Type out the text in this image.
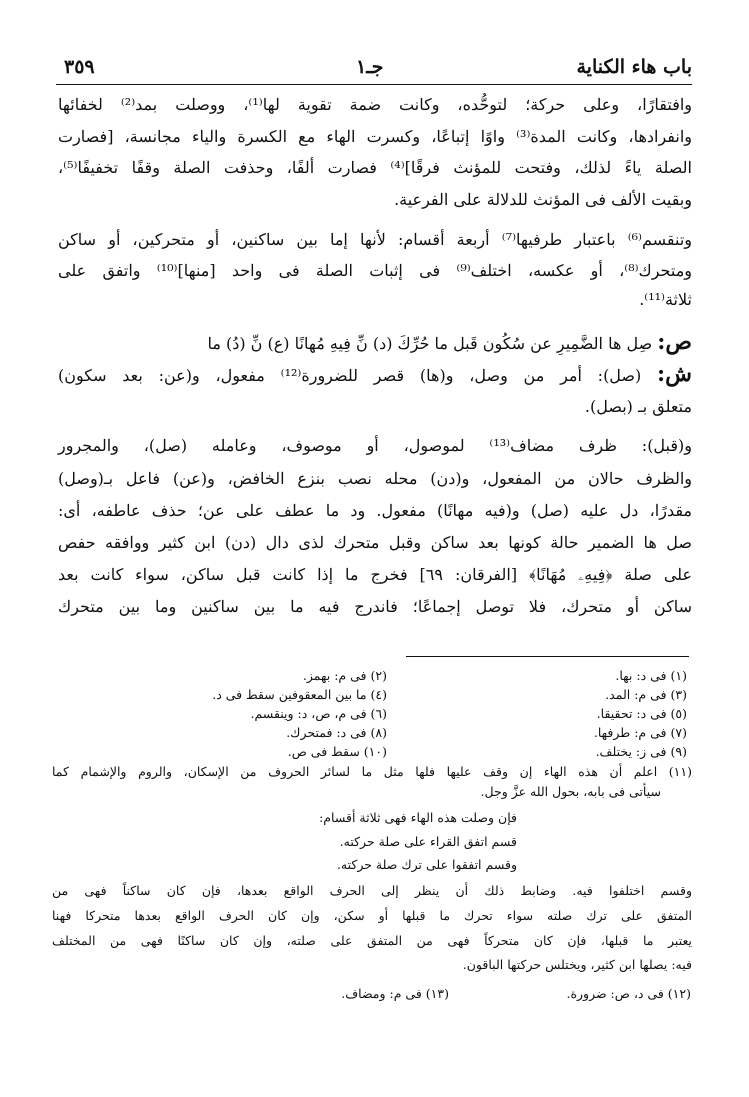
باب هاء الكناية
جـ١
٣٥٩
وافتقارًا، وعلى حركة؛ لتوحُّده، وكانت ضمة تقوية لها⁽¹⁾، ووصلت بمد⁽²⁾ لخفائها
وانفرادها، وكانت المدة⁽³⁾ واوًا إتباعًا، وكسرت الهاء مع الكسرة والياء مجانسة، [فصارت
الصلة ياءً لذلك، وفتحت للمؤنث فرقًا]⁽⁴⁾ فصارت ألفًا، وحذفت الصلة وقفًا تخفيفًا⁽⁵⁾،
وبقيت الألف فى المؤنث للدلالة على الفرعية.
وتنقسم⁽⁶⁾ باعتبار طرفيها⁽⁷⁾ أربعة أقسام: لأنها إما بين ساكنين، أو متحركين، أو ساكن
ومتحرك⁽⁸⁾، أو عكسه، اختلف⁽⁹⁾ فى إثبات الصلة فى واحد [منها]⁽¹⁰⁾ واتفق على
ثلاثة⁽¹¹⁾.
ص: صِل ها الضَّمِيرِ عن سُكُون قَبل ما حُرِّكَ (د) نِّ فِيهِ مُهانًا (ع) نِّ (دُ) ما
ش: (صل): أمر من وصل، و(ها) قصر للضرورة⁽¹²⁾ مفعول، و(عن: بعد سكون)
متعلق بـ (بصل).
و(قبل): ظرف مضاف⁽¹³⁾ لموصول، أو موصوف، وعامله (صل)، والمجرور
والظرف حالان من المفعول، و(دن) محله نصب بنزع الخافض، و(عن) فاعل بـ(وصل)
مقدرًا، دل عليه (صل) و(فيه مهانًا) مفعول. ود ما عطف على عن؛ حذف عاطفه، أى:
صل ها الضمير حالة كونها بعد ساكن وقبل متحرك لذى دال (دن) ابن كثير ووافقه حفص
على صلة ﴿فِيهِۦ مُهَانًا﴾ [الفرقان: ٦٩] فخرج ما إذا كانت قبل ساكن، سواء كانت بعد
ساكن أو متحرك، فلا توصل إجماعًا؛ فاندرج فيه ما بين ساكنين وما بين متحرك
(١) فى د: بها.
(٢) فى م: بهمز.
(٣) فى م: المد.
(٤) ما بين المعقوفين سقط فى د.
(٥) فى د: تحقيقا.
(٦) فى م، ص، د: وينقسم.
(٧) فى م: طرفها.
(٨) فى د: فمتحرك.
(٩) فى ز: يختلف.
(١٠) سقط فى ص.
(١١) اعلم أن هذه الهاء إن وقف عليها فلها مثل ما لسائر الحروف من الإسكان، والروم والإشمام كما
سيأتى فى بابه، بحول الله عزَّ وجل.
فإن وصلت هذه الهاء فهى ثلاثة أقسام:
قسم اتفق القراء على صلة حركته.
وقسم اتفقوا على ترك صلة حركته.
وقسم اختلفوا فيه. وضابط ذلك أن ينظر إلى الحرف الواقع بعدها، فإن كان ساكناً فهى من
المتفق على ترك صلته سواء تحرك ما قبلها أو سكن، وإن كان الحرف الواقع بعدها متحركا فهنا
يعتبر ما قبلها، فإن كان متحركاً فهى من المتفق على صلته، وإن كان ساكنًا فهى من المختلف
فيه: يصلها ابن كثير، ويختلس حركتها الباقون.
(١٢) فى د، ص: ضرورة.
(١٣) فى م: ومضاف.
